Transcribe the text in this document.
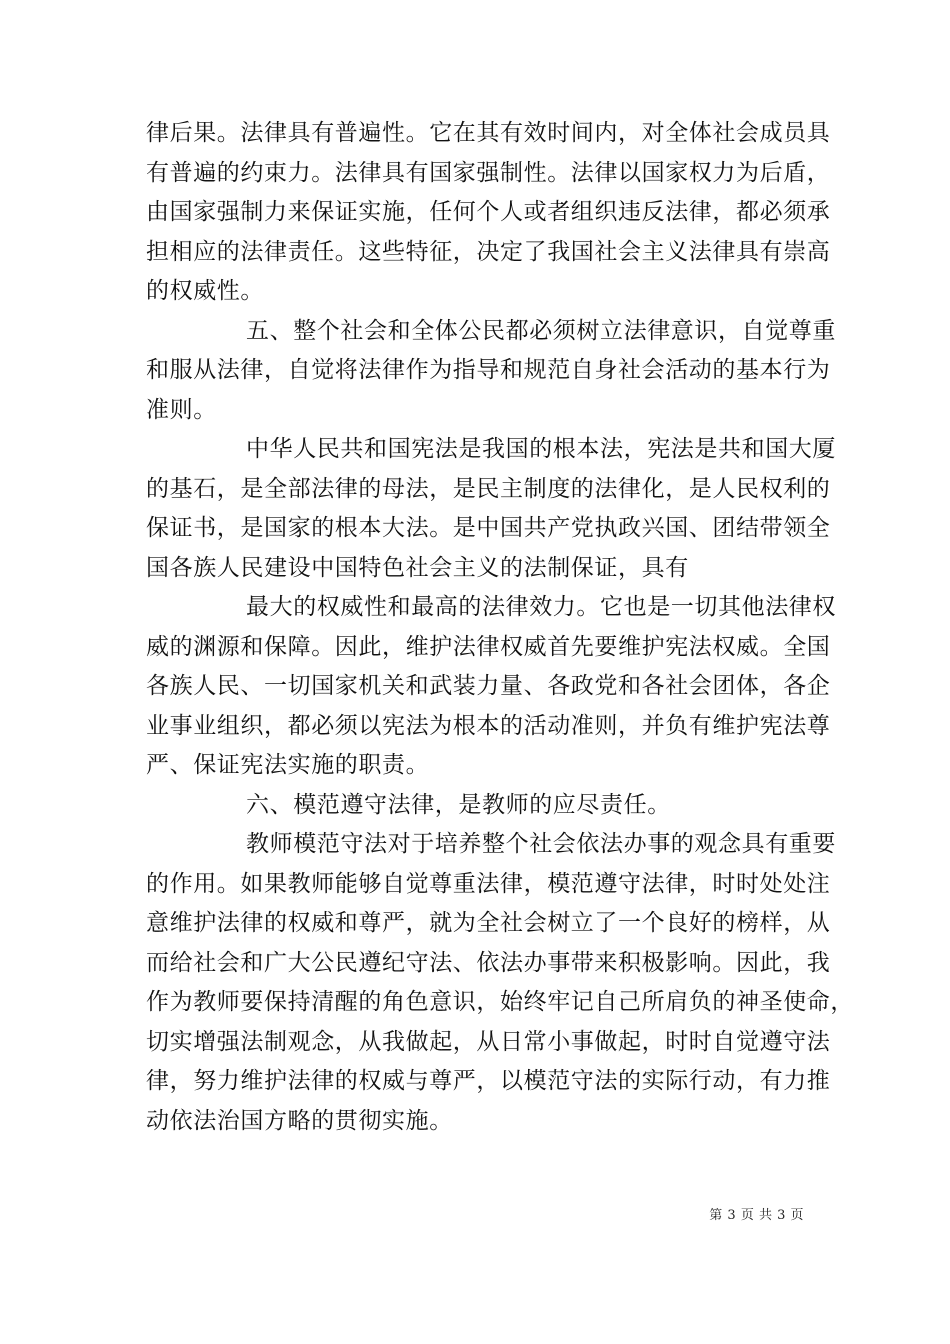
律后果。法律具有普遍性。它在其有效时间内，对全体社会成员具
有普遍的约束力。法律具有国家强制性。法律以国家权力为后盾，
由国家强制力来保证实施，任何个人或者组织违反法律，都必须承
担相应的法律责任。这些特征，决定了我国社会主义法律具有崇高
的权威性。
五、整个社会和全体公民都必须树立法律意识，自觉尊重
和服从法律，自觉将法律作为指导和规范自身社会活动的基本行为
准则。
中华人民共和国宪法是我国的根本法，宪法是共和国大厦
的基石，是全部法律的母法，是民主制度的法律化，是人民权利的
保证书，是国家的根本大法。是中国共产党执政兴国、团结带领全
国各族人民建设中国特色社会主义的法制保证，具有
最大的权威性和最高的法律效力。它也是一切其他法律权
威的渊源和保障。因此，维护法律权威首先要维护宪法权威。全国
各族人民、一切国家机关和武装力量、各政党和各社会团体，各企
业事业组织，都必须以宪法为根本的活动准则，并负有维护宪法尊
严、保证宪法实施的职责。
六、模范遵守法律，是教师的应尽责任。
教师模范守法对于培养整个社会依法办事的观念具有重要
的作用。如果教师能够自觉尊重法律，模范遵守法律，时时处处注
意维护法律的权威和尊严，就为全社会树立了一个良好的榜样，从
而给社会和广大公民遵纪守法、依法办事带来积极影响。因此，我
作为教师要保持清醒的角色意识，始终牢记自己所肩负的神圣使命，
切实增强法制观念，从我做起，从日常小事做起，时时自觉遵守法
律，努力维护法律的权威与尊严，以模范守法的实际行动，有力推
动依法治国方略的贯彻实施。
第 3 页 共 3 页
